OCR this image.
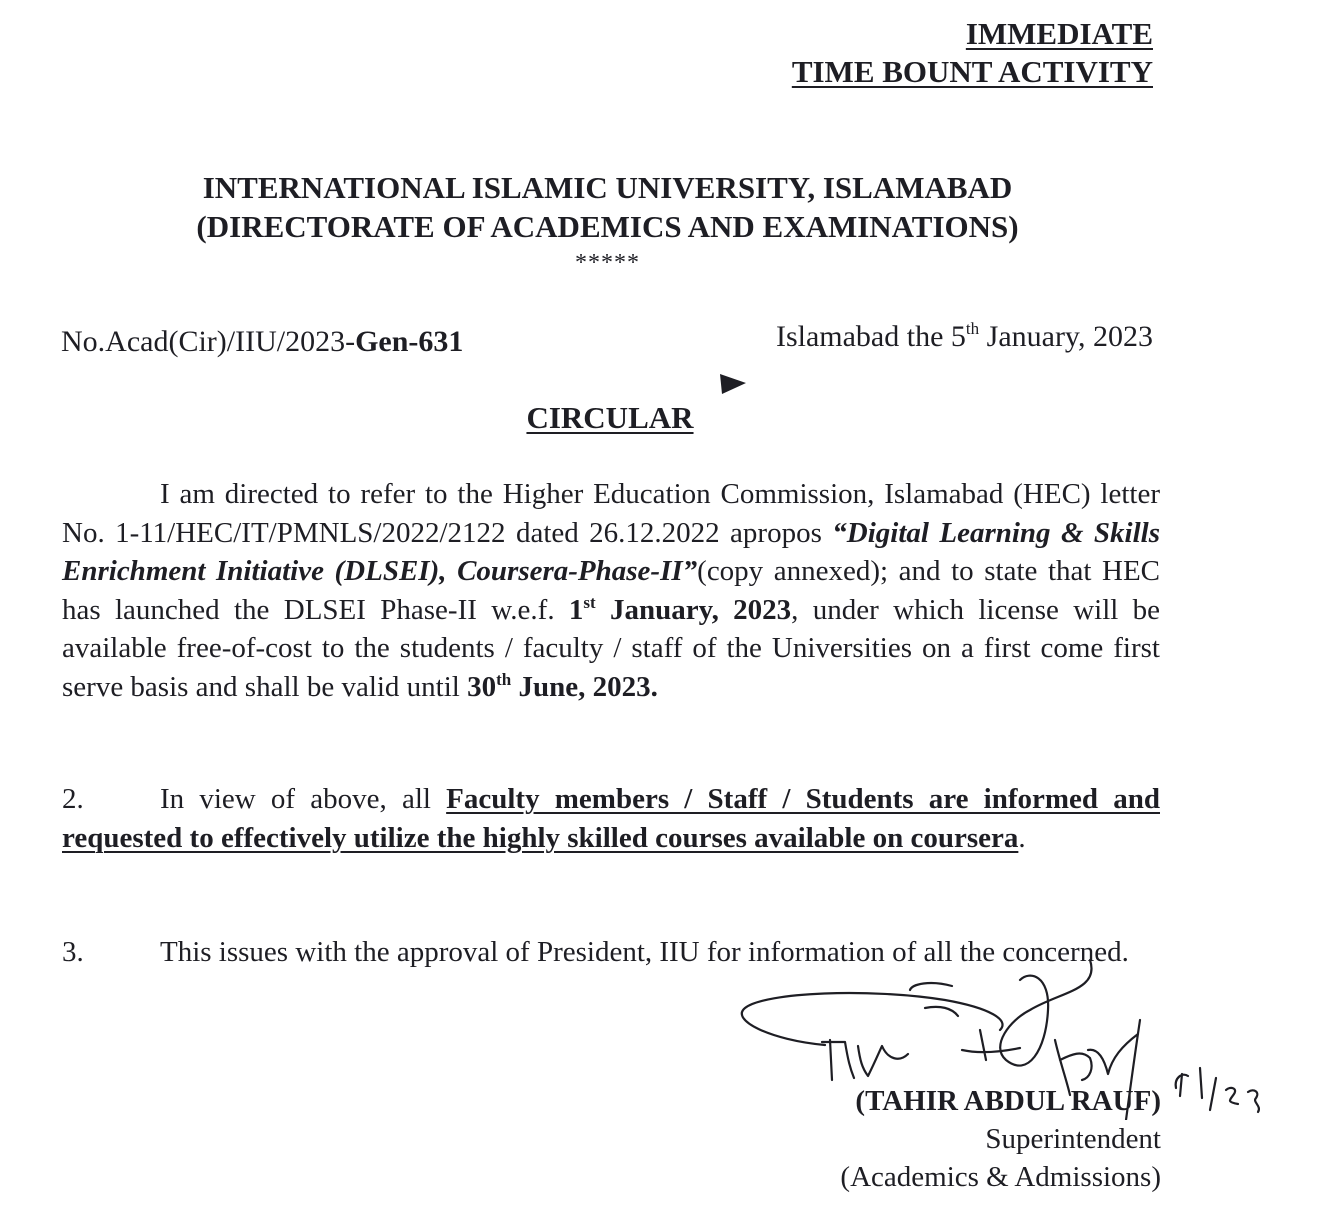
IMMEDIATE
TIME BOUNT ACTIVITY
INTERNATIONAL ISLAMIC UNIVERSITY, ISLAMABAD
(DIRECTORATE OF ACADEMICS AND EXAMINATIONS)
*****
No.Acad(Cir)/IIU/2023-Gen-631	Islamabad the 5th January, 2023
CIRCULAR
I am directed to refer to the Higher Education Commission, Islamabad (HEC) letter No. 1-11/HEC/IT/PMNLS/2022/2122 dated 26.12.2022 apropos “Digital Learning & Skills Enrichment Initiative (DLSEI), Coursera-Phase-II”(copy annexed); and to state that HEC has launched the DLSEI Phase-II w.e.f. 1st January, 2023, under which license will be available free-of-cost to the students / faculty / staff of the Universities on a first come first serve basis and shall be valid until 30th June, 2023.
2.	In view of above, all Faculty members / Staff / Students are informed and requested to effectively utilize the highly skilled courses available on coursera.
3.	This issues with the approval of President, IIU for information of all the concerned.
(TAHIR ABDUL RAUF)
Superintendent
(Academics & Admissions)
